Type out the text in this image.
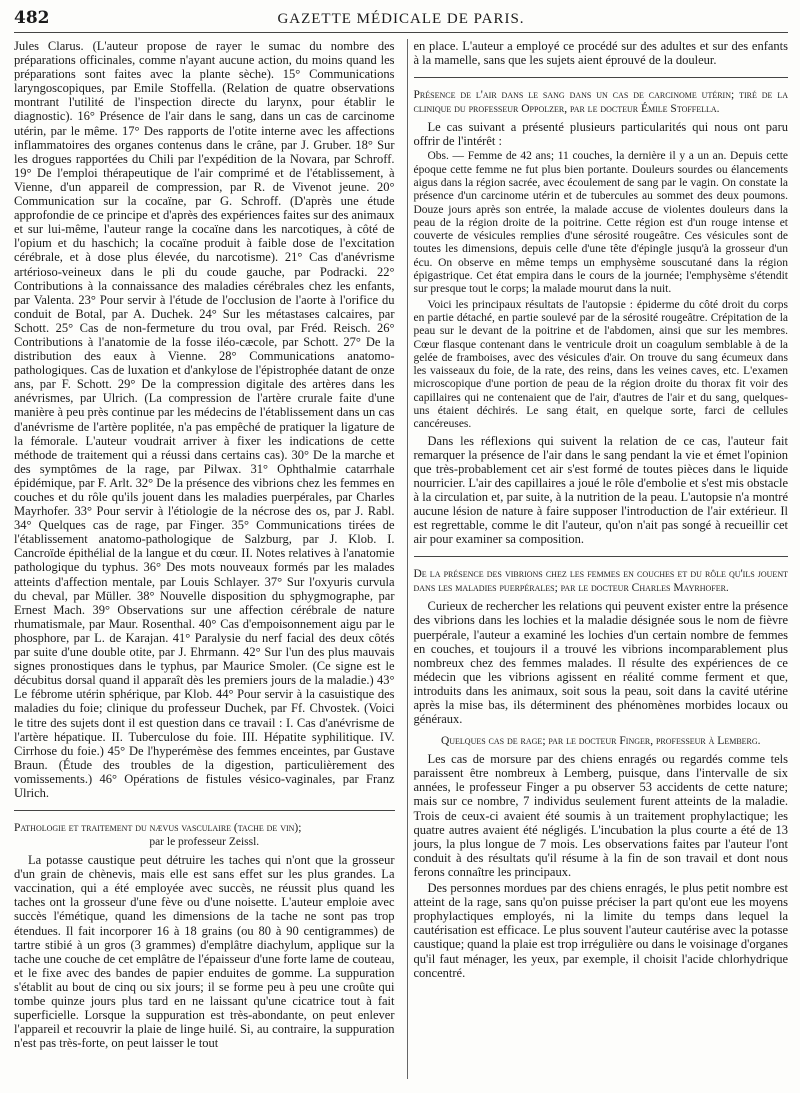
482	GAZETTE MÉDICALE DE PARIS.

Jules Clarus. (L'auteur propose de rayer le sumac du nombre des préparations officinales, comme n'ayant aucune action, du moins quand les préparations sont faites avec la plante sèche). 15° Communications laryngoscopiques, par Emile Stoffella. (Relation de quatre observations montrant l'utilité de l'inspection directe du larynx, pour établir le diagnostic). 16° Présence de l'air dans le sang, dans un cas de carcinome utérin, par le même. 17° Des rapports de l'otite interne avec les affections inflammatoires des organes contenus dans le crâne, par J. Gruber. 18° Sur les drogues rapportées du Chili par l'expédition de la Novara, par Schroff. 19° De l'emploi thérapeutique de l'air comprimé et de l'établissement, à Vienne, d'un appareil de compression, par R. de Vivenot jeune. 20° Communication sur la cocaïne, par G. Schroff. (D'après une étude approfondie de ce principe et d'après des expériences faites sur des animaux et sur lui-même, l'auteur range la cocaïne dans les narcotiques, à côté de l'opium et du haschich; la cocaïne produit à faible dose de l'excitation cérébrale, et à dose plus élevée, du narcotisme). 21° Cas d'anévrisme artérioso-veineux dans le pli du coude gauche, par Podracki. 22° Contributions à la connaissance des maladies cérébrales chez les enfants, par Valenta. 23° Pour servir à l'étude de l'occlusion de l'aorte à l'orifice du conduit de Botal, par A. Duchek. 24° Sur les métastases calcaires, par Schott. 25° Cas de non-fermeture du trou oval, par Fréd. Reisch. 26° Contributions à l'anatomie de la fosse iléo-cæcole, par Schott. 27° De la distribution des eaux à Vienne. 28° Communications anatomo-pathologiques. Cas de luxation et d'ankylose de l'épistrophée datant de onze ans, par F. Schott. 29° De la compression digitale des artères dans les anévrismes, par Ulrich. (La compression de l'artère crurale faite d'une manière à peu près continue par les médecins de l'établissement dans un cas d'anévrisme de l'artère poplitée, n'a pas empêché de pratiquer la ligature de la fémorale. L'auteur voudrait arriver à fixer les indications de cette méthode de traitement qui a réussi dans certains cas). 30° De la marche et des symptômes de la rage, par Pilwax. 31° Ophthalmie catarrhale épidémique, par F. Arlt. 32° De la présence des vibrions chez les femmes en couches et du rôle qu'ils jouent dans les maladies puerpérales, par Charles Mayrhofer. 33° Pour servir à l'étiologie de la nécrose des os, par J. Rabl. 34° Quelques cas de rage, par Finger. 35° Communications tirées de l'établissement anatomo-pathologique de Salzburg, par J. Klob. I. Cancroïde épithélial de la langue et du cœur. II. Notes relatives à l'anatomie pathologique du typhus. 36° Des mots nouveaux formés par les malades atteints d'affection mentale, par Louis Schlayer. 37° Sur l'oxyuris curvula du cheval, par Müller. 38° Nouvelle disposition du sphygmographe, par Ernest Mach. 39° Observations sur une affection cérébrale de nature rhumatismale, par Maur. Rosenthal. 40° Cas d'empoisonnement aigu par le phosphore, par L. de Karajan. 41° Paralysie du nerf facial des deux côtés par suite d'une double otite, par J. Ehrmann. 42° Sur l'un des plus mauvais signes pronostiques dans le typhus, par Maurice Smoler. (Ce signe est le décubitus dorsal quand il apparaît dès les premiers jours de la maladie.) 43° Le fébrome utérin sphérique, par Klob. 44° Pour servir à la casuistique des maladies du foie; clinique du professeur Duchek, par Ff. Chvostek. (Voici le titre des sujets dont il est question dans ce travail : I. Cas d'anévrisme de l'artère hépatique. II. Tuberculose du foie. III. Hépatite syphilitique. IV. Cirrhose du foie.) 45° De l'hyperémèse des femmes enceintes, par Gustave Braun. (Étude des troubles de la digestion, particulièrement des vomissements.) 46° Opérations de fistules vésico-vaginales, par Franz Ulrich.

Pathologie et traitement du nævus vasculaire (tache de vin);
par le professeur Zeissl.

La potasse caustique peut détruire les taches qui n'ont que la grosseur d'un grain de chènevis, mais elle est sans effet sur les plus grandes. La vaccination, qui a été employée avec succès, ne réussit plus quand les taches ont la grosseur d'une fève ou d'une noisette. L'auteur emploie avec succès l'émétique, quand les dimensions de la tache ne sont pas trop étendues. Il fait incorporer 16 à 18 grains (ou 80 à 90 centigrammes) de tartre stibié à un gros (3 grammes) d'emplâtre diachylum, applique sur la tache une couche de cet emplâtre de l'épaisseur d'une forte lame de couteau, et le fixe avec des bandes de papier enduites de gomme. La suppuration s'établit au bout de cinq ou six jours; il se forme peu à peu une croûte qui tombe quinze jours plus tard en ne laissant qu'une cicatrice tout à fait superficielle. Lorsque la suppuration est très-abondante, on peut enlever l'appareil et recouvrir la plaie de linge huilé. Si, au contraire, la suppuration n'est pas très-forte, on peut laisser le tout

en place. L'auteur a employé ce procédé sur des adultes et sur des enfants à la mamelle, sans que les sujets aient éprouvé de la douleur.

Présence de l'air dans le sang dans un cas de carcinome utérin; tiré de la clinique du professeur Oppolzer, par le docteur Émile Stoffella.

Le cas suivant a présenté plusieurs particularités qui nous ont paru offrir de l'intérêt :

Obs. — Femme de 42 ans; 11 couches, la dernière il y a un an. Depuis cette époque cette femme ne fut plus bien portante. Douleurs sourdes ou élancements aigus dans la région sacrée, avec écoulement de sang par le vagin. On constate la présence d'un carcinome utérin et de tubercules au sommet des deux poumons. Douze jours après son entrée, la malade accuse de violentes douleurs dans la peau de la région droite de la poitrine. Cette région est d'un rouge intense et couverte de vésicules remplies d'une sérosité rougeâtre. Ces vésicules sont de toutes les dimensions, depuis celle d'une tête d'épingle jusqu'à la grosseur d'un écu. On observe en même temps un emphysème souscutané dans la région épigastrique. Cet état empira dans le cours de la journée; l'emphysème s'étendit sur presque tout le corps; la malade mourut dans la nuit.

Voici les principaux résultats de l'autopsie : épiderme du côté droit du corps en partie détaché, en partie soulevé par de la sérosité rougeâtre. Crépitation de la peau sur le devant de la poitrine et de l'abdomen, ainsi que sur les membres. Cœur flasque contenant dans le ventricule droit un coagulum semblable à de la gelée de framboises, avec des vésicules d'air. On trouve du sang écumeux dans les vaisseaux du foie, de la rate, des reins, dans les veines caves, etc. L'examen microscopique d'une portion de peau de la région droite du thorax fit voir des capillaires qui ne contenaient que de l'air, d'autres de l'air et du sang, quelques-uns étaient déchirés. Le sang était, en quelque sorte, farci de cellules cancéreuses.

Dans les réflexions qui suivent la relation de ce cas, l'auteur fait remarquer la présence de l'air dans le sang pendant la vie et émet l'opinion que très-probablement cet air s'est formé de toutes pièces dans le liquide nourricier. L'air des capillaires a joué le rôle d'embolie et s'est mis obstacle à la circulation et, par suite, à la nutrition de la peau. L'autopsie n'a montré aucune lésion de nature à faire supposer l'introduction de l'air extérieur. Il est regrettable, comme le dit l'auteur, qu'on n'ait pas songé à recueillir cet air pour examiner sa composition.

De la présence des vibrions chez les femmes en couches et du rôle qu'ils jouent dans les maladies puerpérales; par le docteur Charles Mayrhofer.

Curieux de rechercher les relations qui peuvent exister entre la présence des vibrions dans les lochies et la maladie désignée sous le nom de fièvre puerpérale, l'auteur a examiné les lochies d'un certain nombre de femmes en couches, et toujours il a trouvé les vibrions incomparablement plus nombreux chez des femmes malades. Il résulte des expériences de ce médecin que les vibrions agissent en réalité comme ferment et que, introduits dans les animaux, soit sous la peau, soit dans la cavité utérine après la mise bas, ils déterminent des phénomènes morbides locaux ou généraux.

Quelques cas de rage; par le docteur Finger, professeur à Lemberg.

Les cas de morsure par des chiens enragés ou regardés comme tels paraissent être nombreux à Lemberg, puisque, dans l'intervalle de six années, le professeur Finger a pu observer 53 accidents de cette nature; mais sur ce nombre, 7 individus seulement furent atteints de la maladie. Trois de ceux-ci avaient été soumis à un traitement prophylactique; les quatre autres avaient été négligés. L'incubation la plus courte a été de 13 jours, la plus longue de 7 mois. Les observations faites par l'auteur l'ont conduit à des résultats qu'il résume à la fin de son travail et dont nous ferons connaître les principaux.

Des personnes mordues par des chiens enragés, le plus petit nombre est atteint de la rage, sans qu'on puisse préciser la part qu'ont eue les moyens prophylactiques employés, ni la limite du temps dans lequel la cautérisation est efficace. Le plus souvent l'auteur cautérise avec la potasse caustique; quand la plaie est trop irrégulière ou dans le voisinage d'organes qu'il faut ménager, les yeux, par exemple, il choisit l'acide chlorhydrique concentré.
